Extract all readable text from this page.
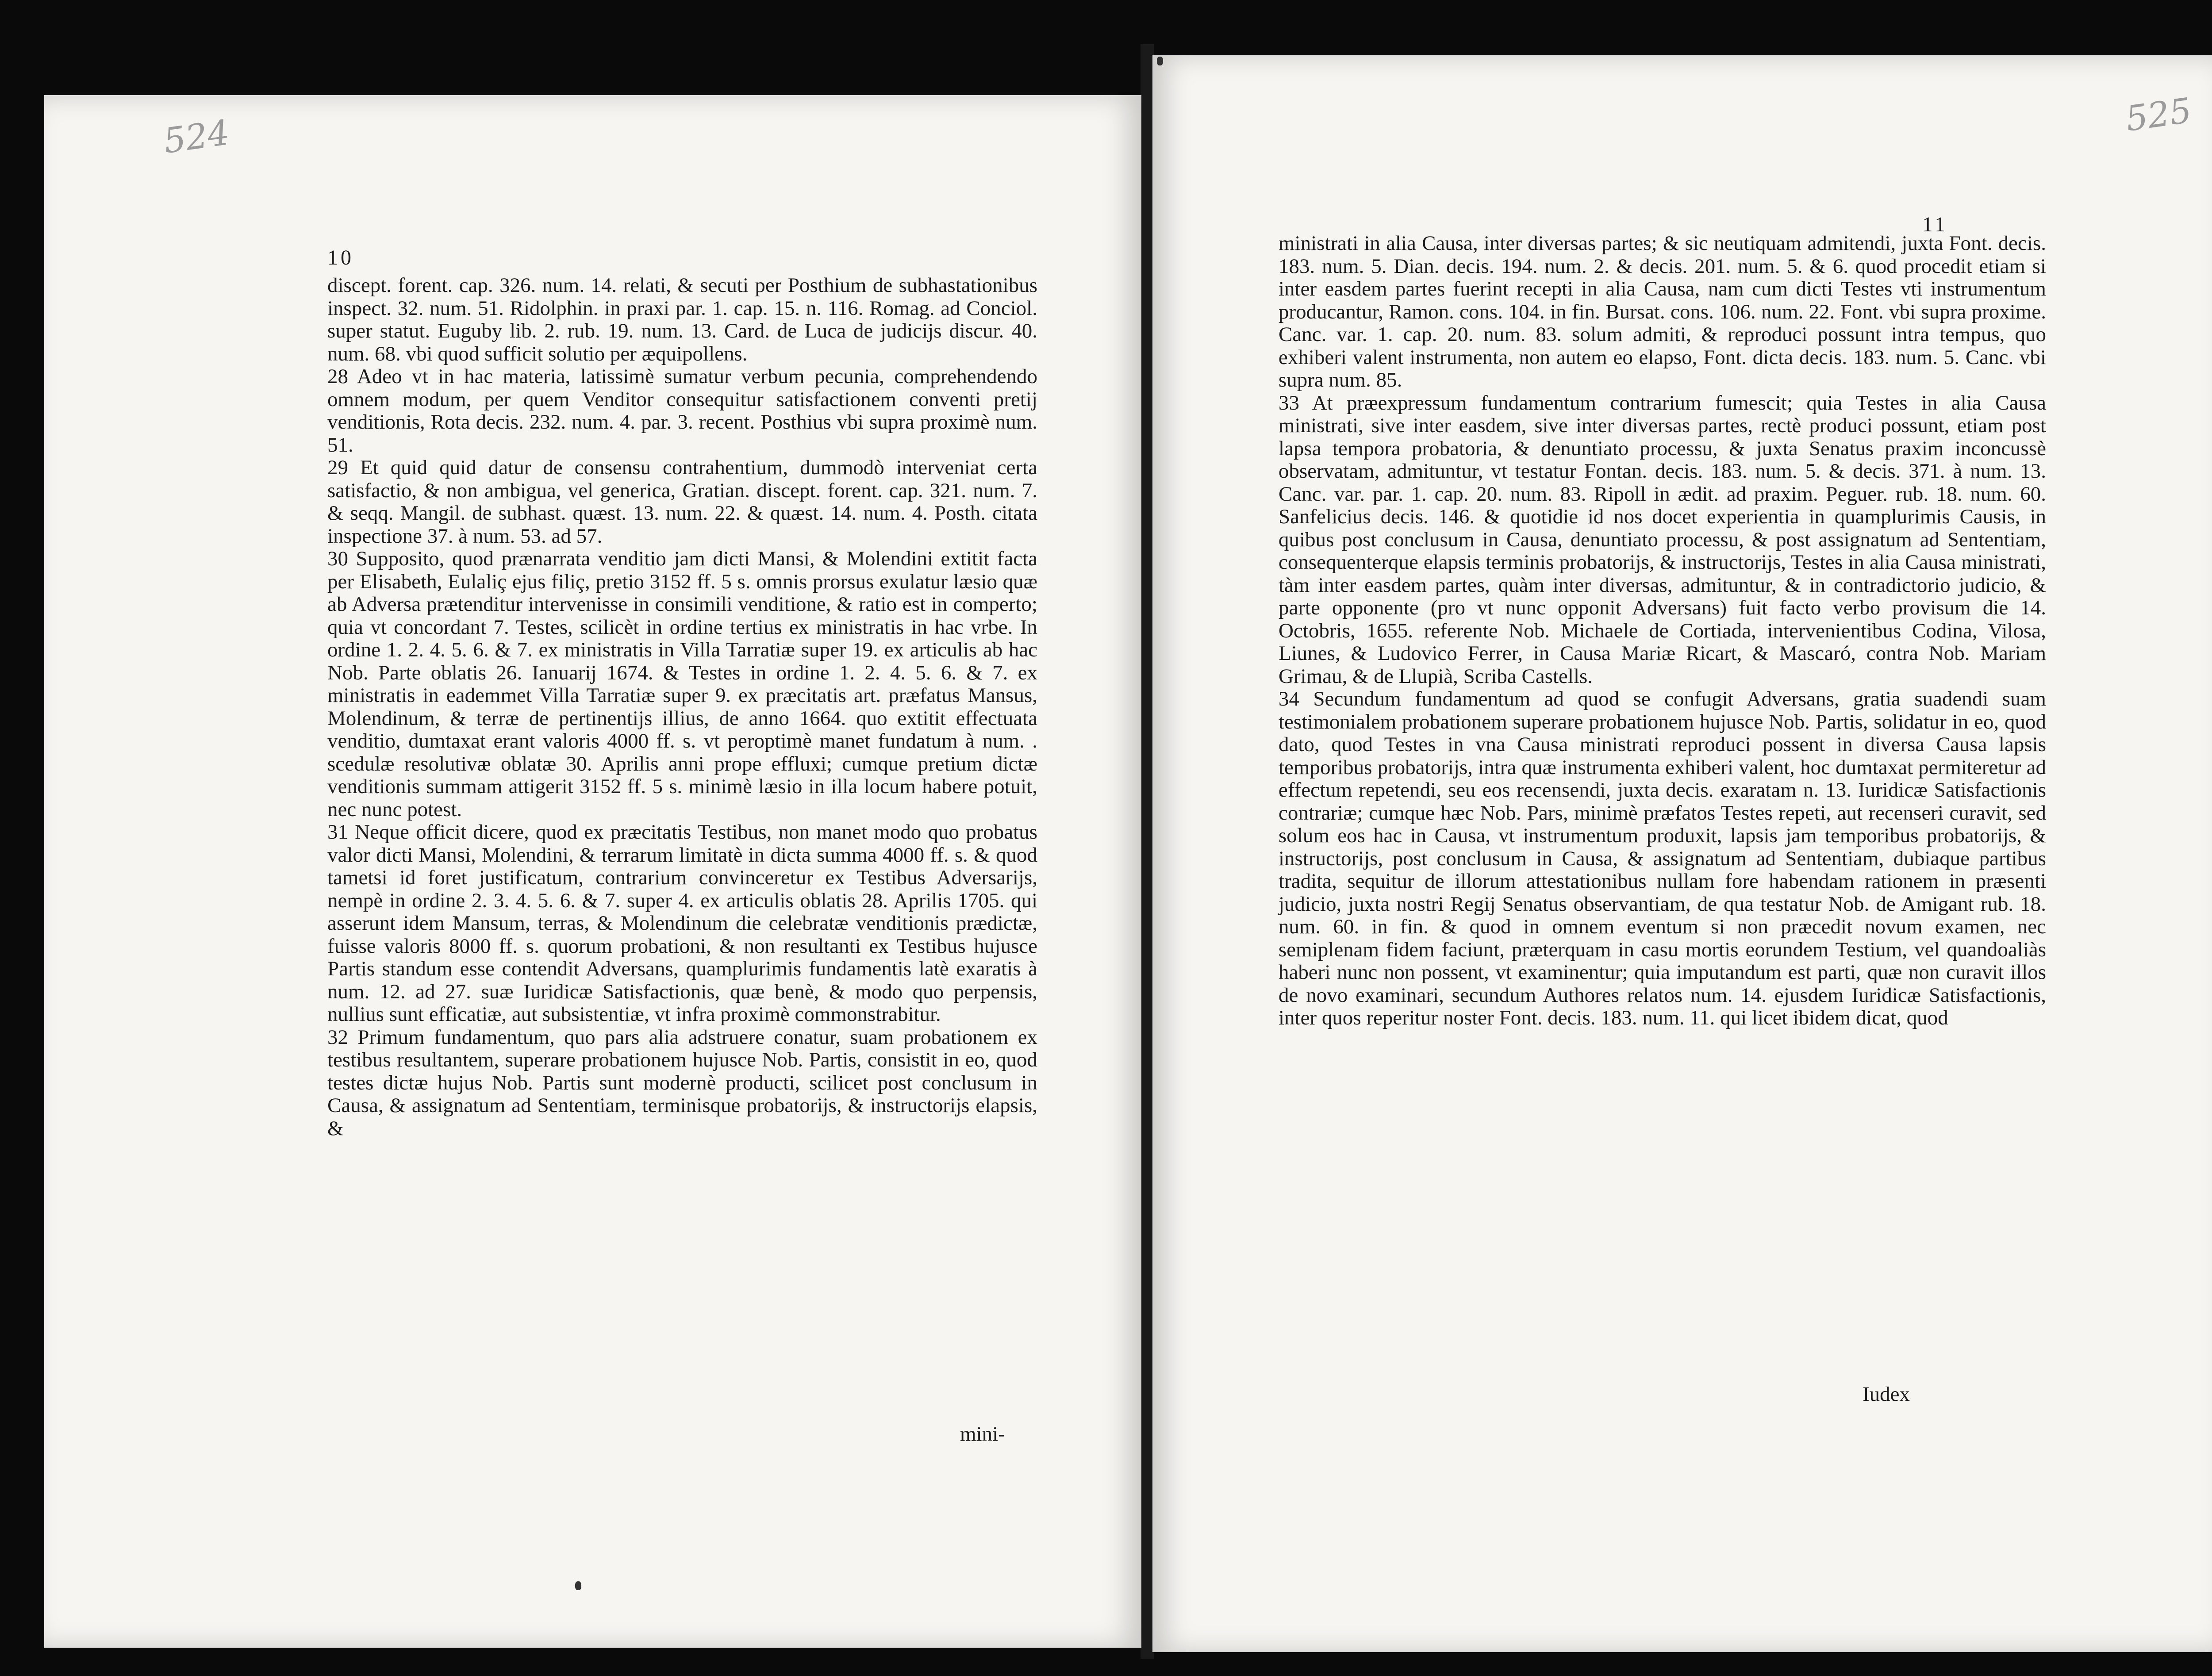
524
10

discept. forent. cap. 326. num. 14. relati, & secuti per Posthium de subhastationibus inspect. 32. num. 51. Ridolphin. in praxi par. 1. cap. 15. n. 116. Romag. ad Conciol. super statut. Euguby lib. 2. rub. 19. num. 13. Card. de Luca de judicijs discur. 40. num. 68. vbi quod sufficit solutio per æquipollens.

28 Adeo vt in hac materia, latissimè sumatur verbum pecunia, comprehendendo omnem modum, per quem Venditor consequitur satisfactionem conventi pretij venditionis, Rota decis. 232. num. 4. par. 3. recent. Posthius vbi supra proximè num. 51.

29 Et quid quid datur de consensu contrahentium, dummodò interveniat certa satisfactio, & non ambigua, vel generica, Gratian. discept. forent. cap. 321. num. 7. & seqq. Mangil. de subhast. quæst. 13. num. 22. & quæst. 14. num. 4. Posth. citata inspectione 37. à num. 53. ad 57.

30 Supposito, quod prænarrata venditio jam dicti Mansi, & Molendini extitit facta per Elisabeth, Eulaliç ejus filiç, pretio 3152 ff. 5 s. omnis prorsus exulatur læsio quæ ab Adversa prætenditur intervenisse in consimili venditione, & ratio est in comperto; quia vt concordant 7. Testes, scilicèt in ordine tertius ex ministratis in hac vrbe. In ordine 1. 2. 4. 5. 6. & 7. ex ministratis in Villa Tarratiæ super 19. ex articulis ab hac Nob. Parte oblatis 26. Ianuarij 1674. & Testes in ordine 1. 2. 4. 5. 6. & 7. ex ministratis in eademmet Villa Tarratiæ super 9. ex præcitatis art. præfatus Mansus, Molendinum, & terræ de pertinentijs illius, de anno 1664. quo extitit effectuata venditio, dumtaxat erant valoris 4000 ff. s. vt peroptimè manet fundatum à num. . scedulæ resolutivæ oblatæ 30. Aprilis anni prope effluxi; cumque pretium dictæ venditionis summam attigerit 3152 ff. 5 s. minimè læsio in illa locum habere potuit, nec nunc potest.

31 Neque officit dicere, quod ex præcitatis Testibus, non manet modo quo probatus valor dicti Mansi, Molendini, & terrarum limitatè in dicta summa 4000 ff. s. & quod tametsi id foret justificatum, contrarium convinceretur ex Testibus Adversarijs, nempè in ordine 2. 3. 4. 5. 6. & 7. super 4. ex articulis oblatis 28. Aprilis 1705. qui asserunt idem Mansum, terras, & Molendinum die celebratæ venditionis prædictæ, fuisse valoris 8000 ff. s. quorum probationi, & non resultanti ex Testibus hujusce Partis standum esse contendit Adversans, quamplurimis fundamentis latè exaratis à num. 12. ad 27. suæ Iuridicæ Satisfactionis, quæ benè, & modo quo perpensis, nullius sunt efficatiæ, aut subsistentiæ, vt infra proximè commonstrabitur.

32 Primum fundamentum, quo pars alia adstruere conatur, suam probationem ex testibus resultantem, superare probationem hujusce Nob. Partis, consistit in eo, quod testes dictæ hujus Nob. Partis sunt modernè producti, scilicet post conclusum in Causa, & assignatum ad Sententiam, terminisque probatorijs, & instructorijs elapsis, &

mini-
525
11

ministrati in alia Causa, inter diversas partes; & sic neutiquam admitendi, juxta Font. decis. 183. num. 5. Dian. decis. 194. num. 2. & decis. 201. num. 5. & 6. quod procedit etiam si inter easdem partes fuerint recepti in alia Causa, nam cum dicti Testes vti instrumentum producantur, Ramon. cons. 104. in fin. Bursat. cons. 106. num. 22. Font. vbi supra proxime. Canc. var. 1. cap. 20. num. 83. solum admiti, & reproduci possunt intra tempus, quo exhiberi valent instrumenta, non autem eo elapso, Font. dicta decis. 183. num. 5. Canc. vbi supra num. 85.

33 At præexpressum fundamentum contrarium fumescit; quia Testes in alia Causa ministrati, sive inter easdem, sive inter diversas partes, rectè produci possunt, etiam post lapsa tempora probatoria, & denuntiato processu, & juxta Senatus praxim inconcussè observatam, admituntur, vt testatur Fontan. decis. 183. num. 5. & decis. 371. à num. 13. Canc. var. par. 1. cap. 20. num. 83. Ripoll in ædit. ad praxim. Peguer. rub. 18. num. 60. Sanfelicius decis. 146. & quotidie id nos docet experientia in quamplurimis Causis, in quibus post conclusum in Causa, denuntiato processu, & post assignatum ad Sententiam, consequenterque elapsis terminis probatorijs, & instructorijs, Testes in alia Causa ministrati, tàm inter easdem partes, quàm inter diversas, admituntur, & in contradictorio judicio, & parte opponente (pro vt nunc opponit Adversans) fuit facto verbo provisum die 14. Octobris, 1655. referente Nob. Michaele de Cortiada, intervenientibus Codina, Vilosa, Liunes, & Ludovico Ferrer, in Causa Mariæ Ricart, & Mascaró, contra Nob. Mariam Grimau, & de Llupià, Scriba Castells.

34 Secundum fundamentum ad quod se confugit Adversans, gratia suadendi suam testimonialem probationem superare probationem hujusce Nob. Partis, solidatur in eo, quod dato, quod Testes in vna Causa ministrati reproduci possent in diversa Causa lapsis temporibus probatorijs, intra quæ instrumenta exhiberi valent, hoc dumtaxat permiteretur ad effectum repetendi, seu eos recensendi, juxta decis. exaratam n. 13. Iuridicæ Satisfactionis contrariæ; cumque hæc Nob. Pars, minimè præfatos Testes repeti, aut recenseri curavit, sed solum eos hac in Causa, vt instrumentum produxit, lapsis jam temporibus probatorijs, & instructorijs, post conclusum in Causa, & assignatum ad Sententiam, dubiaque partibus tradita, sequitur de illorum attestationibus nullam fore habendam rationem in præsenti judicio, juxta nostri Regij Senatus observantiam, de qua testatur Nob. de Amigant rub. 18. num. 60. in fin. & quod in omnem eventum si non præcedit novum examen, nec semiplenam fidem faciunt, præterquam in casu mortis eorundem Testium, vel quandoaliàs haberi nunc non possent, vt examinentur; quia imputandum est parti, quæ non curavit illos de novo examinari, secundum Authores relatos num. 14. ejusdem Iuridicæ Satisfactionis, inter quos reperitur noster Font. decis. 183. num. 11. qui licet ibidem dicat, quod

Iudex
